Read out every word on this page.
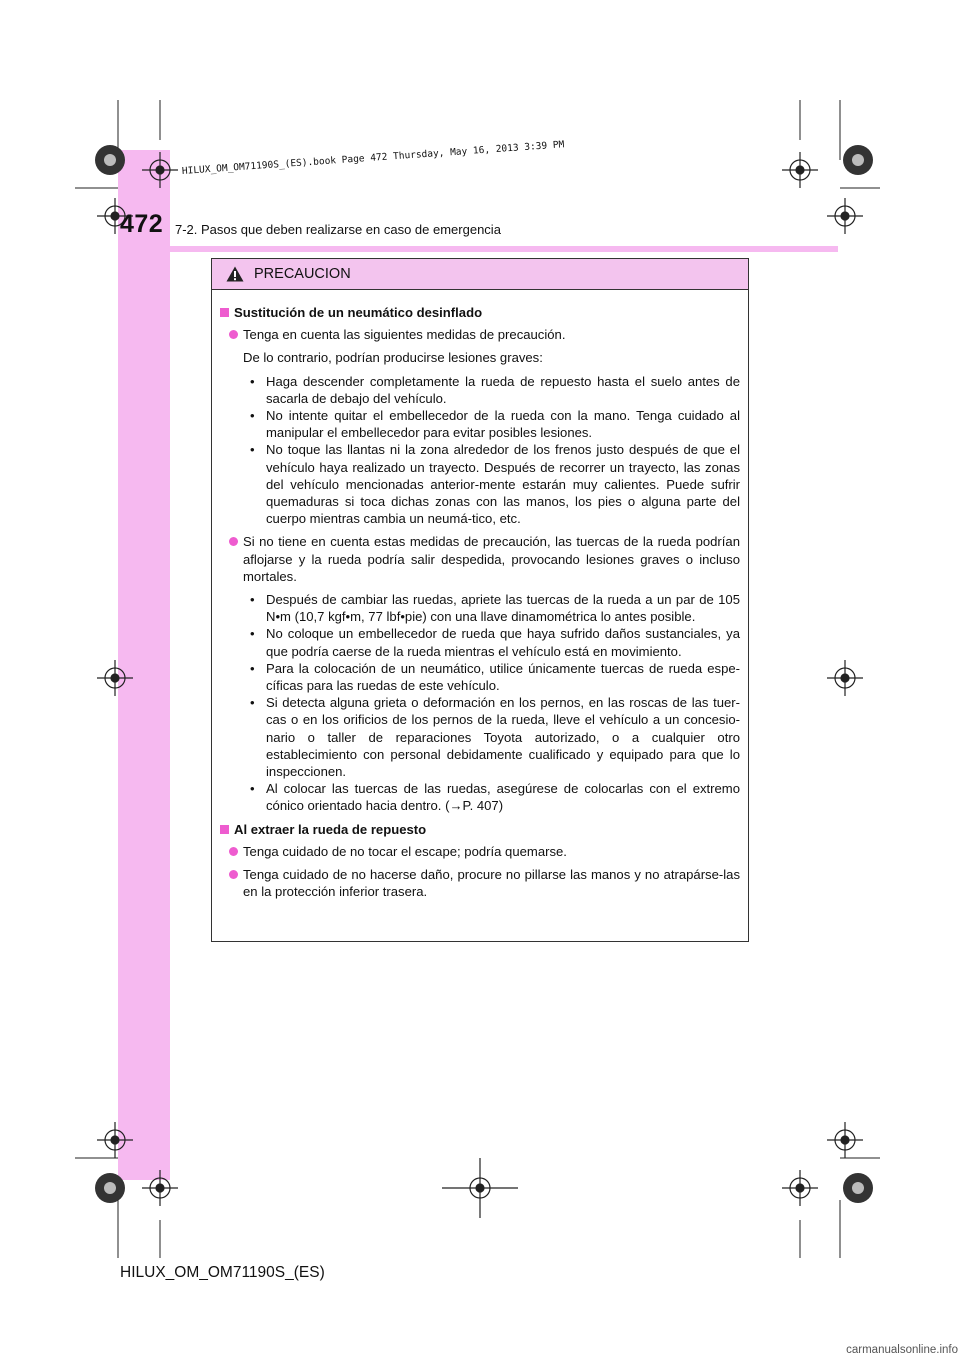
472 7-2. Pasos que deben realizarse en caso de emergencia
HILUX_OM_OM71190S_(ES).book Page 472 Thursday, May 16, 2013 3:39 PM
PRECAUCION
Sustitución de un neumático desinflado
Tenga en cuenta las siguientes medidas de precaución.
De lo contrario, podrían producirse lesiones graves:
• Haga descender completamente la rueda de repuesto hasta el suelo antes de sacarla de debajo del vehículo.
• No intente quitar el embellecedor de la rueda con la mano. Tenga cuidado al manipular el embellecedor para evitar posibles lesiones.
• No toque las llantas ni la zona alrededor de los frenos justo después de que el vehículo haya realizado un trayecto. Después de recorrer un trayecto, las zonas del vehículo mencionadas anterior-mente estarán muy calientes. Puede sufrir quemaduras si toca dichas zonas con las manos, los pies o alguna parte del cuerpo mientras cambia un neumá-tico, etc.
Si no tiene en cuenta estas medidas de precaución, las tuercas de la rueda podrían aflojarse y la rueda podría salir despedida, provocando lesiones graves o incluso mortales.
• Después de cambiar las ruedas, apriete las tuercas de la rueda a un par de 105 N•m (10,7 kgf•m, 77 lbf•pie) con una llave dinamométrica lo antes posible.
• No coloque un embellecedor de rueda que haya sufrido daños sustanciales, ya que podría caerse de la rueda mientras el vehículo está en movimiento.
• Para la colocación de un neumático, utilice únicamente tuercas de rueda espe-cíficas para las ruedas de este vehículo.
• Si detecta alguna grieta o deformación en los pernos, en las roscas de las tuer-cas o en los orificios de los pernos de la rueda, lleve el vehículo a un concesio-nario o taller de reparaciones Toyota autorizado, o a cualquier otro establecimiento con personal debidamente cualificado y equipado para que lo inspeccionen.
• Al colocar las tuercas de las ruedas, asegúrese de colocarlas con el extremo cónico orientado hacia dentro. (→P. 407)
Al extraer la rueda de repuesto
Tenga cuidado de no tocar el escape; podría quemarse.
Tenga cuidado de no hacerse daño, procure no pillarse las manos y no atrapárse-las en la protección inferior trasera.
HILUX_OM_OM71190S_(ES)
carmanualsonline.info
